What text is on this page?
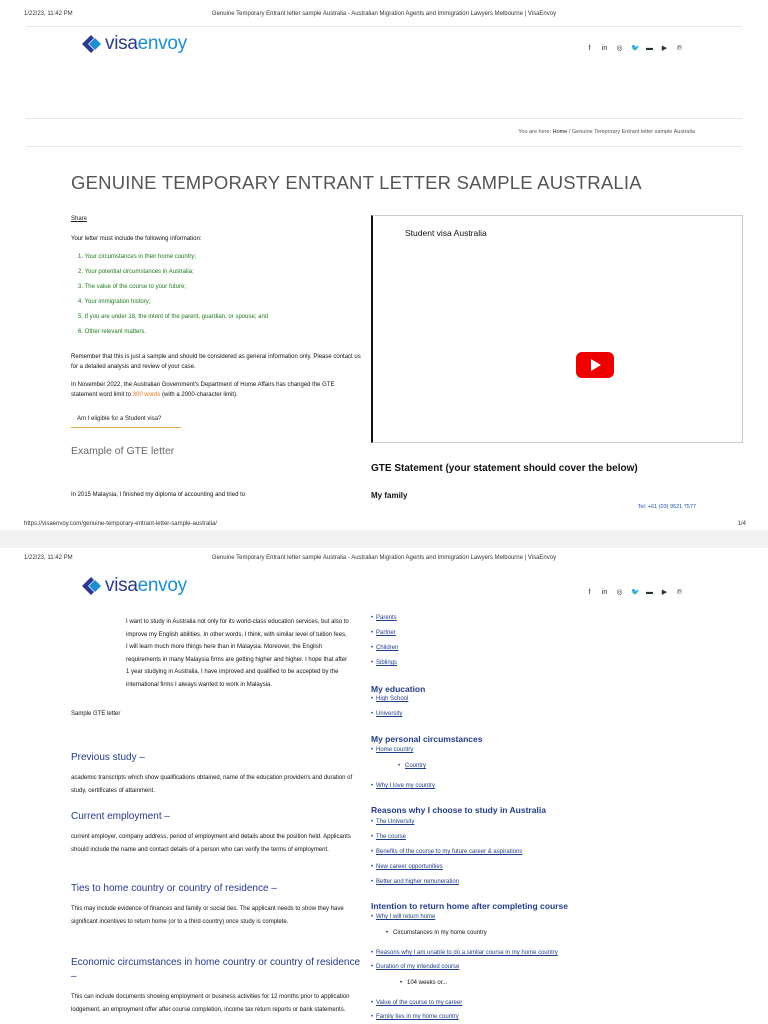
1/22/23, 11:42 PM	Genuine Temporary Entrant letter sample Australia - Australian Migration Agents and Immigration Lawyers Melbourne | VisaEnvoy
visaenvoy	f	in ◎ 🐦 ▬ ▶ ℗
You are here: Home / Genuine Temporary Entrant letter sample Australia
GENUINE TEMPORARY ENTRANT LETTER SAMPLE AUSTRALIA
Share
Your letter must include the following information:
1. Your circumstances in their home country;
2. Your potential circumstances in Australia;
3. The value of the course to your future;
4. Your immigration history;
5. If you are under 18, the intent of the parent, guardian, or spouse; and
6. Other relevant matters.
Remember that this is just a sample and should be considered as general information only. Please contact us for a detailed analysis and review of your case.
In November 2022, the Australian Government's Department of Home Affairs has changed the GTE statement word limit to 300 words (with a 2000-character limit).
Am I eligible for a Student visa?
Example of GTE letter
In 2015 Malaysia, I finished my diploma of accounting and tried to
Student visa Australia
GTE Statement (your statement should cover the below)
My family
Tel: +61 (03) 9521 7577
https://visaenvoy.com/genuine-temporary-entrant-letter-sample-australia/	1/4
1/22/23, 11:42 PM	Genuine Temporary Entrant letter sample Australia - Australian Migration Agents and Immigration Lawyers Melbourne | VisaEnvoy
visaenvoy	f	in ◎ 🐦 ▬ ▶ ℗
I want to study in Australia not only for its world-class education services, but also to improve my English abilities. In other words, I think, with similar level of tuition fees, I will learn much more things here than in Malaysia. Moreover, the English requirements in many Malaysia firms are getting higher and higher. I hope that after 1 year studying in Australia, I have improved and qualified to be accepted by the international firms I always wanted to work in Malaysia.
Sample GTE letter
Previous study –
academic transcripts which show qualifications obtained, name of the education provider/s and duration of study, certificates of attainment.
Current employment –
current employer, company address, period of employment and details about the position held. Applicants should include the name and contact details of a person who can verify the terms of employment.
Ties to home country or country of residence –
This may include evidence of finances and family or social ties. The applicant needs to show they have significant incentives to return home (or to a third country) once study is complete.
Economic circumstances in home country or country of residence –
This can include documents showing employment or business activities for 12 months prior to application lodgement, an employment offer after course completion, income tax return reports or bank statements.
• Parents
• Partner
• Children
• Siblings
My education
• High School
• University
My personal circumstances
• Home country
• Country
• Why I love my country
Reasons why I choose to study in Australia
• The University
• The course
• Benefits of the course to my future career & aspirations
• New career opportunities
• Better and higher remuneration
Intention to return home after completing course
• Why I will return home
• Circumstances in my home country
• Reasons why I am unable to do a similar course in my home country
• Duration of my intended course
• 104 weeks or...
• Value of the course to my career
• Family ties in my home country
